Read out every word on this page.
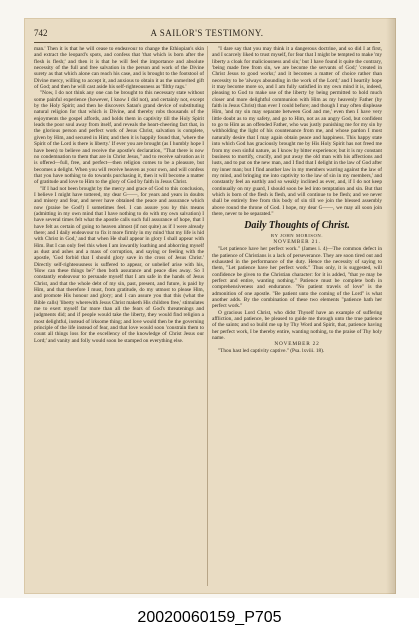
742	A SAILOR'S TESTIMONY.

man.' Then it is that he will cease to endeavour to change the Ethiopian's skin and extract the leopard's spots, and confess that 'that which is born after the flesh is flesh;' and then it is that he will feel the importance and absolute necessity of the full and free salvation in the person and work of the Divine surety as that which alone can reach his case, and is brought to the footstool of Divine mercy, willing to accept it, and anxious to obtain it as the unmerited gift of God; and then he will cast aside his self-righteousness as 'filthy rags.'

"Now, I do not think any one can be brought to this necessary state without some painful experience (however, I know I did not), and certainly not, except by the Holy Spirit; and then he discovers Satan's grand device of substituting natural religion for that which is Divine, and thereby robs thousands of the enjoyments the gospel affords, and holds them in captivity till the Holy Spirit leads the poor soul away from itself, and reveals the heart-cheering fact that, in the glorious person and perfect work of Jesus Christ, salvation is complete, given by Him, and secured in Him; and then it is happily found that, 'where the Spirit of the Lord is there is liberty.' If ever you are brought (as I humbly hope I have been) to believe and receive the apostle's declaration, "That there is now no condemnation to them that are in Christ Jesus," and to receive salvation as it is offered—full, free, and perfect—then religion comes to be a pleasure, but becomes a delight. When you will receive heaven as your own, and will confess that you have nothing to do towards purchasing it, then it will become a matter of gratitude and love to Him to the glory of God by faith in Jesus Christ.

"If I had not been brought by the mercy and grace of God to this conclusion, I believe I might have tottered, my dear G——, for years and years in doubts and misery and fear, and never have obtained the peace and assurance which now (praise be God!) I sometimes feel. I can assure you by this means (admitting in my own mind that I have nothing to do with my own salvation) I have several times felt what the apostle calls such full assurance of hope, that I have felt as certain of going to heaven almost (if not quite) as if I were already there; and I daily endeavour to fix it more firmly in my mind 'that my life is hid with Christ in God,' and that when He shall appear in glory I shall appear with Him. But I can only feel this when I am inwardly loathing and abhorring myself as dust and ashes and a mass of corruption, and saying or feeling with the apostle, 'God forbid that I should glory save in the cross of Jesus Christ.' Directly self-righteousness is suffered to appear, or unbelief arise with his, 'How can these things be?' then both assurance and peace dies away. So I constantly endeavour to persuade myself that I am safe in the hands of Jesus Christ, and that the whole debt of my sin, past, present, and future, is paid by Him, and that therefore I must, from gratitude, do my utmost to please Him, and promote His honour and glory; and I can assure you that this (what the Bible calls) 'liberty wherewith Jesus Christ maketh His children free,' stimulates me to exert myself far more than all the fears of God's threatenings and judgments did; and if people would take the liberty, they would find religion a most delightful, instead of irksome thing; and love would then be the governing principle of the life instead of fear, and that love would soon 'constrain them to count all things loss for the excellency of the knowledge of Christ Jesus our Lord;' and vanity and folly would soon be stamped on everything else.

"I dare say that you may think it a dangerous doctrine, and so did I at first, and I scarcely liked to trust myself, for fear that I might be tempted to make 'my liberty a cloak for maliciousness and sin;' but I have found it quite the contrary, 'being made free from sin, we are become the servants of God;' 'created in Christ Jesus to good works;' and it becomes a matter of choice rather than necessity to be 'always abounding in the work of the Lord;' and I heartily hope it may become more so, and I am fully satisfied in my own mind it is, indeed, pleasing to God to make use of the liberty by being permitted to hold much closer and more delightful communion with Him as my heavenly Father (by faith in Jesus Christ) than ever I could before; and though I may often displease Him, 'and my sin may separate between God and me,' even then I have very little doubt as to my safety, and go to Him, not as an angry God, but confident to go to Him as an offended Father, who was justly punishing me for my sin by withholding the light of his countenance from me, and whose pardon I most naturally desire that I may again obtain peace and happiness. This happy state into which God has graciously brought me by His Holy Spirit has not freed me from my own sinful nature, as I know by bitter experience; but it is my constant business to mortify, crucify, and put away the old man with his affections and lusts, and to put on the new man, and I find that I delight in the law of God after my inner man; but I find another law in my members warring against the law of my mind, and bringing me into captivity to the law of sin in my members,' and constantly feel an earthly and so weakly inclined as ever, and, if I do not keep continually on my guard, I should soon be led into temptation and sin. But that which is born of the flesh is flesh, and will continue to be flesh; and we never shall be entirely free from this body of sin till we join the blessed assembly above round the throne of God. I hope, my dear G——, we may all soon join there, never to be separated."

Daily Thoughts of Christ.
BY JOHN MORISON.
NOVEMBER 21.

"Let patience have her perfect work." (James i. 4)—The common defect in the patience of Christians is a lack of perseverance. They are soon tired out and exhausted in the performance of the duty. Hence the necessity of saying to them, "Let patience have her perfect work." Thus only, it is suggested, will confidence be given to the Christian character: for it is added, "that ye may be perfect and entire, wanting nothing." Patience must be complete both in comprehensiveness and endurance. "No patient travels of love" is the admonition of one apostle. "Be patient unto the coming of the Lord" is what another adds. By the combination of these two elements "patience hath her perfect work."

O gracious Lord Christ, who didst Thyself have an example of suffering affliction, and patience, be pleased to guide me through unto the true patience of the saints; and so build me up by Thy Word and Spirit, that, patience having her perfect work, I be thereby entire, wanting nothing, to the praise of Thy holy name.

NOVEMBER 22

"Thou hast led captivity captive." (Psa. lxviii. 18).

20020060159_P705
